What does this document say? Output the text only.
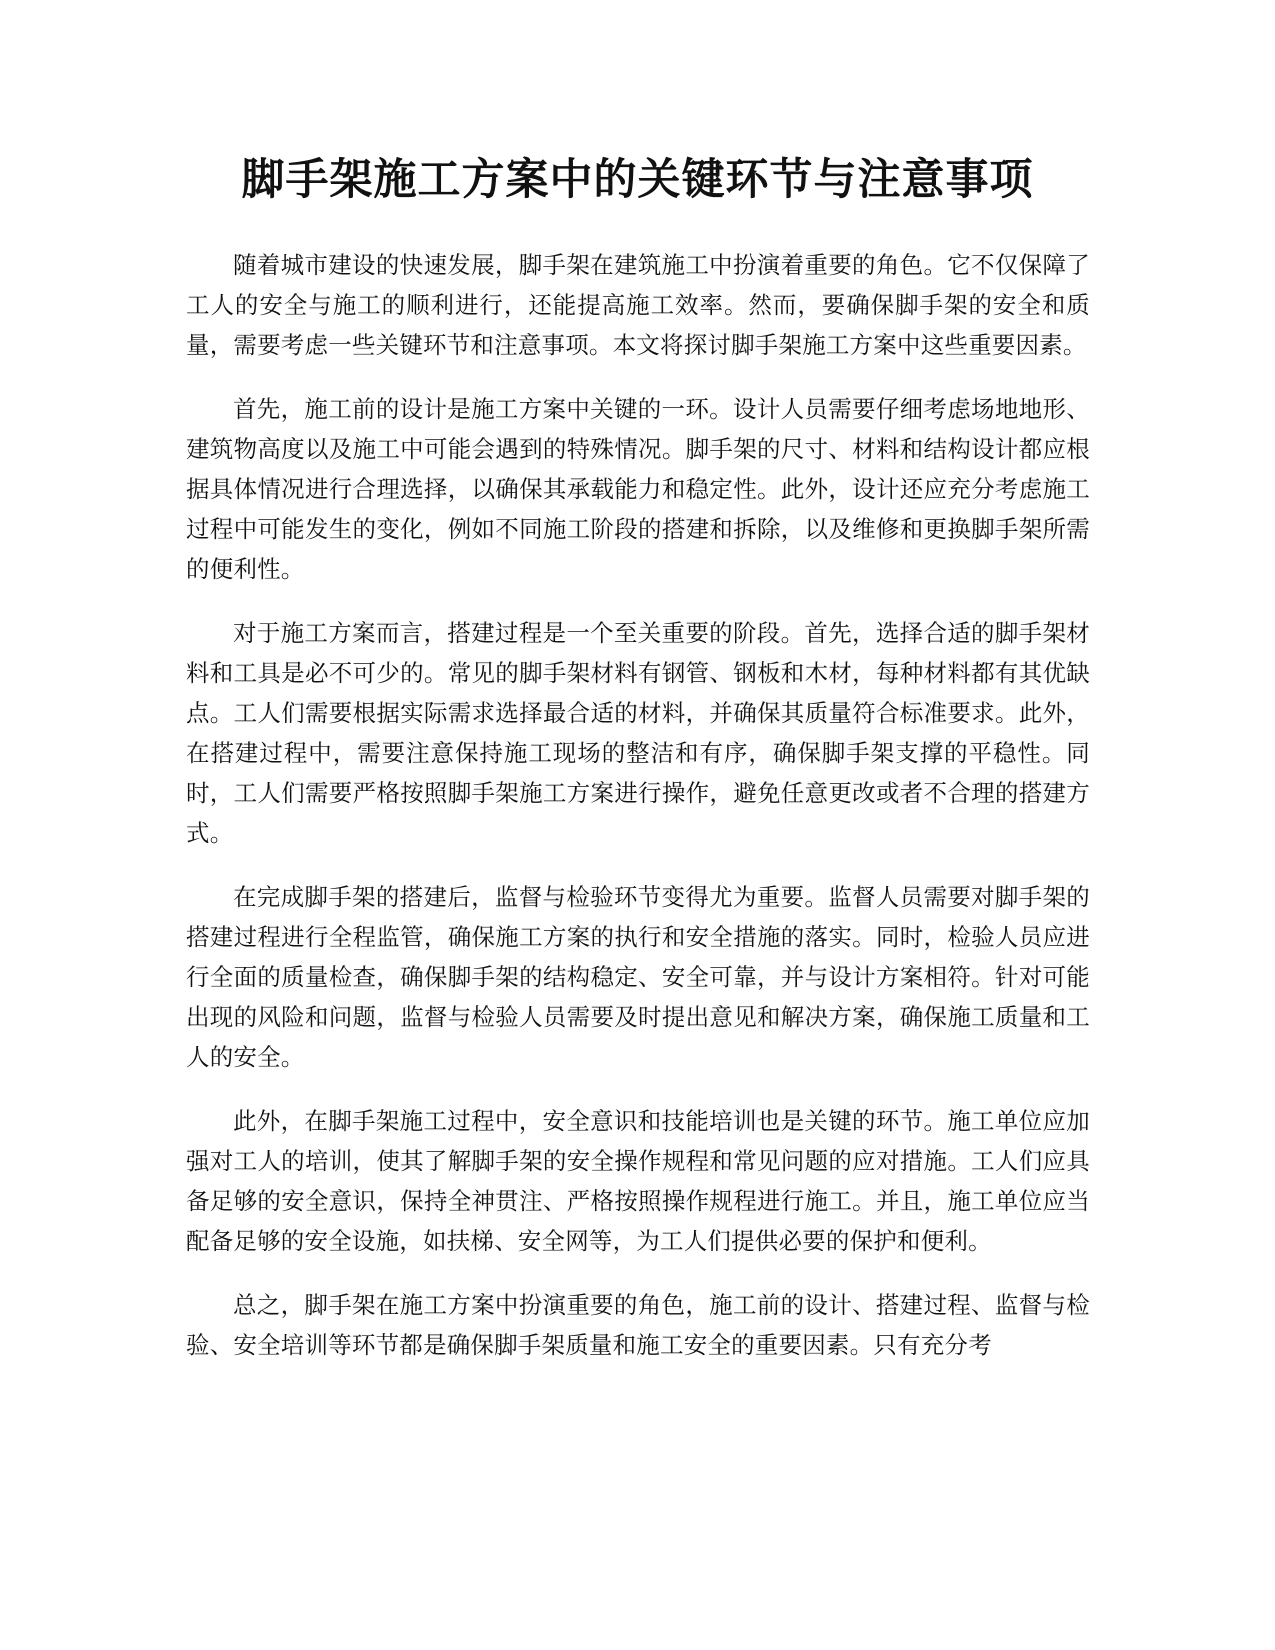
脚手架施工方案中的关键环节与注意事项

随着城市建设的快速发展，脚手架在建筑施工中扮演着重要的角色。它不仅保障了工人的安全与施工的顺利进行，还能提高施工效率。然而，要确保脚手架的安全和质量，需要考虑一些关键环节和注意事项。本文将探讨脚手架施工方案中这些重要因素。

首先，施工前的设计是施工方案中关键的一环。设计人员需要仔细考虑场地地形、建筑物高度以及施工中可能会遇到的特殊情况。脚手架的尺寸、材料和结构设计都应根据具体情况进行合理选择，以确保其承载能力和稳定性。此外，设计还应充分考虑施工过程中可能发生的变化，例如不同施工阶段的搭建和拆除，以及维修和更换脚手架所需的便利性。

对于施工方案而言，搭建过程是一个至关重要的阶段。首先，选择合适的脚手架材料和工具是必不可少的。常见的脚手架材料有钢管、钢板和木材，每种材料都有其优缺点。工人们需要根据实际需求选择最合适的材料，并确保其质量符合标准要求。此外，在搭建过程中，需要注意保持施工现场的整洁和有序，确保脚手架支撑的平稳性。同时，工人们需要严格按照脚手架施工方案进行操作，避免任意更改或者不合理的搭建方式。

在完成脚手架的搭建后，监督与检验环节变得尤为重要。监督人员需要对脚手架的搭建过程进行全程监管，确保施工方案的执行和安全措施的落实。同时，检验人员应进行全面的质量检查，确保脚手架的结构稳定、安全可靠，并与设计方案相符。针对可能出现的风险和问题，监督与检验人员需要及时提出意见和解决方案，确保施工质量和工人的安全。

此外，在脚手架施工过程中，安全意识和技能培训也是关键的环节。施工单位应加强对工人的培训，使其了解脚手架的安全操作规程和常见问题的应对措施。工人们应具备足够的安全意识，保持全神贯注、严格按照操作规程进行施工。并且，施工单位应当配备足够的安全设施，如扶梯、安全网等，为工人们提供必要的保护和便利。

总之，脚手架在施工方案中扮演重要的角色，施工前的设计、搭建过程、监督与检验、安全培训等环节都是确保脚手架质量和施工安全的重要因素。只有充分考
